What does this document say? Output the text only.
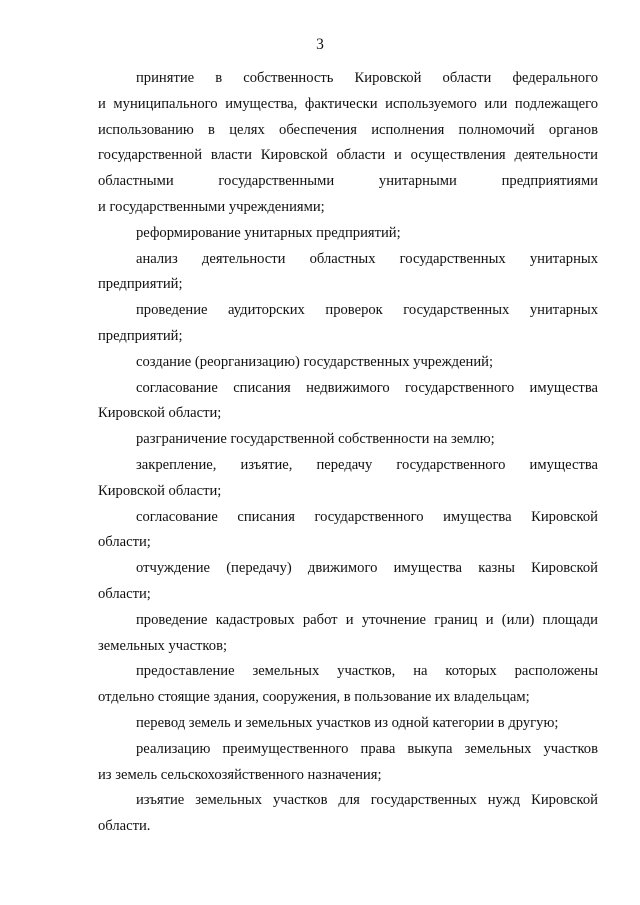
3
принятие в собственность Кировской области федерального
и муниципального имущества, фактически используемого или подлежащего
использованию в целях обеспечения исполнения полномочий органов
государственной власти Кировской области и осуществления деятельности
областными государственными унитарными предприятиями
и государственными учреждениями;
реформирование унитарных предприятий;
анализ деятельности областных государственных унитарных
предприятий;
проведение аудиторских проверок государственных унитарных
предприятий;
создание (реорганизацию) государственных учреждений;
согласование списания недвижимого государственного имущества
Кировской области;
разграничение государственной собственности на землю;
закрепление, изъятие, передачу государственного имущества
Кировской области;
согласование списания государственного имущества Кировской
области;
отчуждение (передачу) движимого имущества казны Кировской
области;
проведение кадастровых работ и уточнение границ и (или) площади
земельных участков;
предоставление земельных участков, на которых расположены
отдельно стоящие здания, сооружения, в пользование их владельцам;
перевод земель и земельных участков из одной категории в другую;
реализацию преимущественного права выкупа земельных участков
из земель сельскохозяйственного назначения;
изъятие земельных участков для государственных нужд Кировской
области.
